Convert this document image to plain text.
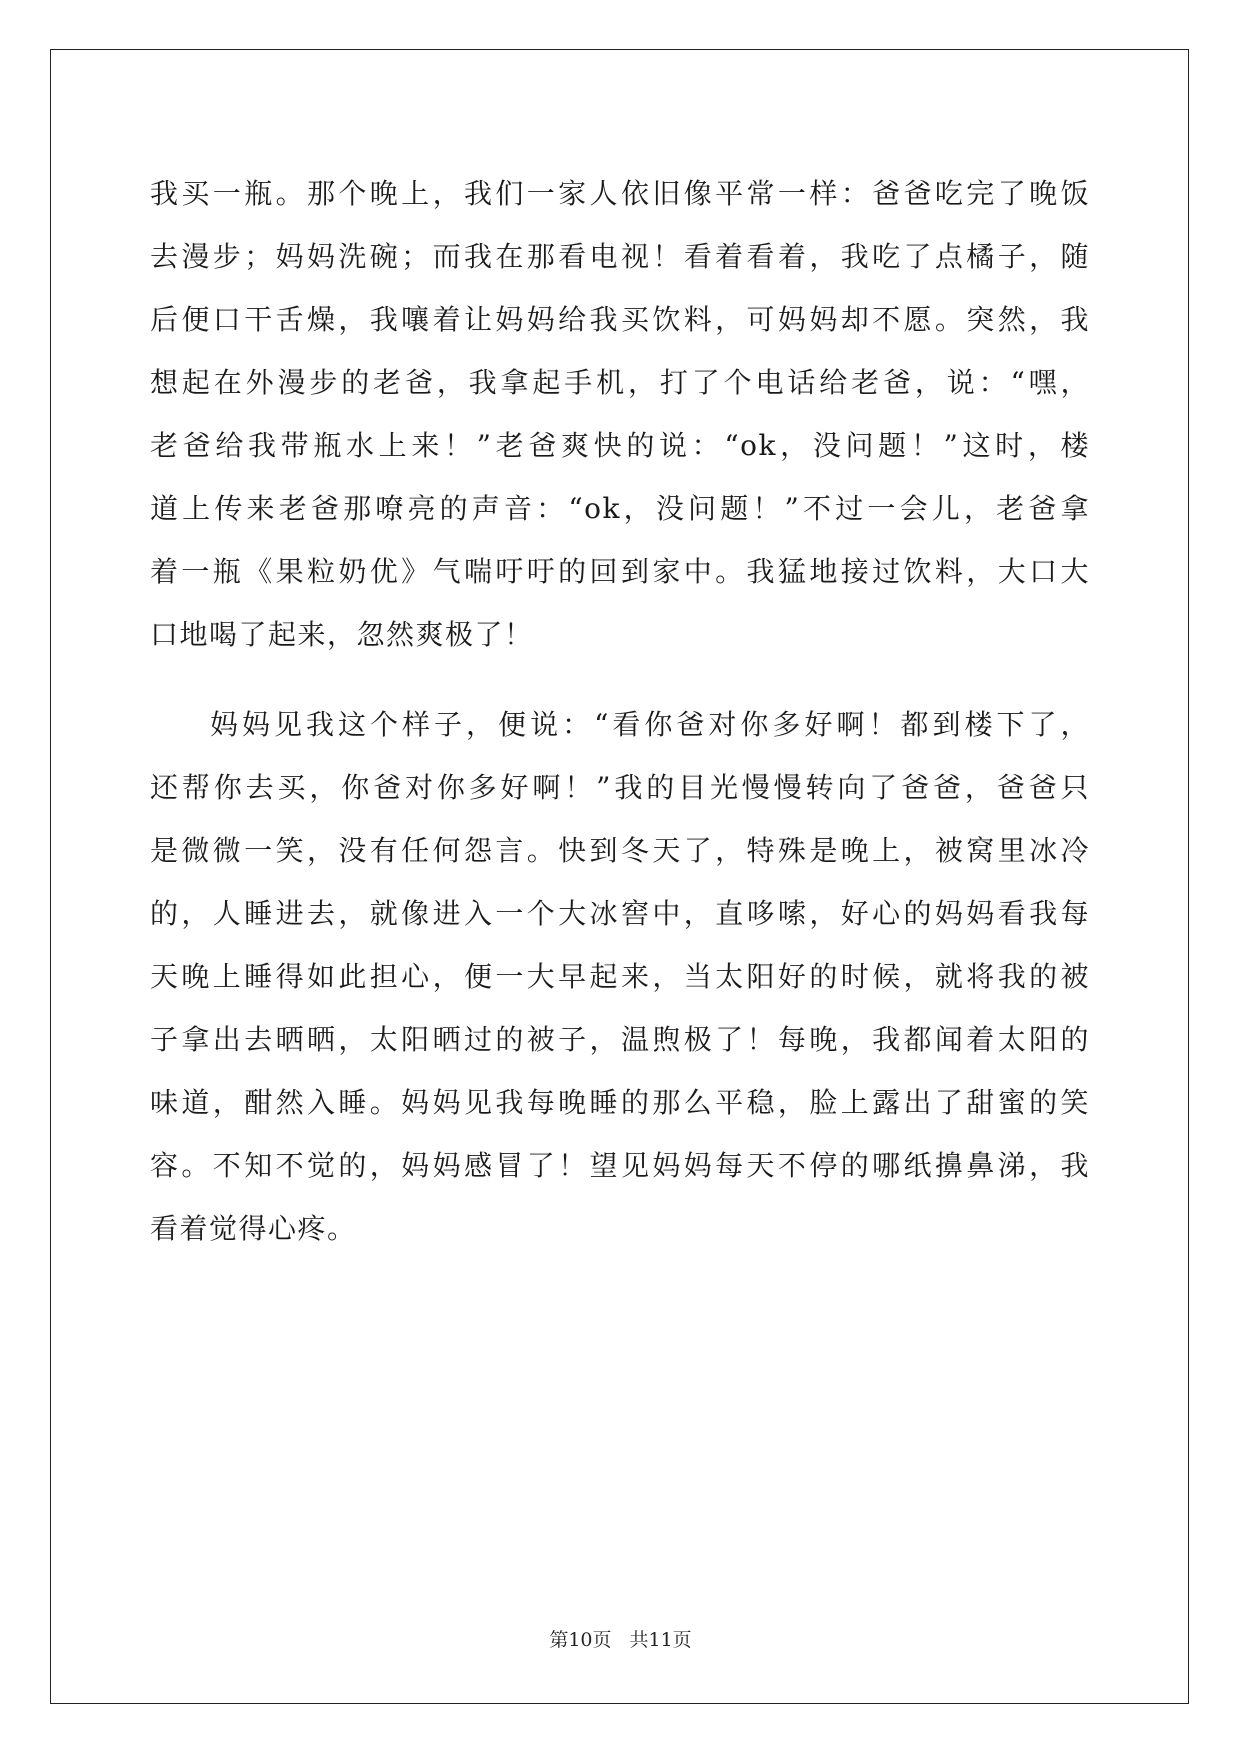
我买一瓶。那个晚上，我们一家人依旧像平常一样：爸爸吃完了晚饭
去漫步；妈妈洗碗；而我在那看电视！看着看着，我吃了点橘子，随
后便口干舌燥，我嚷着让妈妈给我买饮料，可妈妈却不愿。突然，我
想起在外漫步的老爸，我拿起手机，打了个电话给老爸，说：“嘿，
老爸给我带瓶水上来！”老爸爽快的说：“ok，没问题！”这时，楼
道上传来老爸那嘹亮的声音：“ok，没问题！”不过一会儿，老爸拿
着一瓶《果粒奶优》气喘吁吁的回到家中。我猛地接过饮料，大口大
口地喝了起来，忽然爽极了！
妈妈见我这个样子，便说：“看你爸对你多好啊！都到楼下了，
还帮你去买，你爸对你多好啊！”我的目光慢慢转向了爸爸，爸爸只
是微微一笑，没有任何怨言。快到冬天了，特殊是晚上，被窝里冰冷
的，人睡进去，就像进入一个大冰窖中，直哆嗦，好心的妈妈看我每
天晚上睡得如此担心，便一大早起来，当太阳好的时候，就将我的被
子拿出去晒晒，太阳晒过的被子，温煦极了！每晚，我都闻着太阳的
味道，酣然入睡。妈妈见我每晚睡的那么平稳，脸上露出了甜蜜的笑
容。不知不觉的，妈妈感冒了！望见妈妈每天不停的哪纸擤鼻涕，我
看着觉得心疼。
第10页 共11页
